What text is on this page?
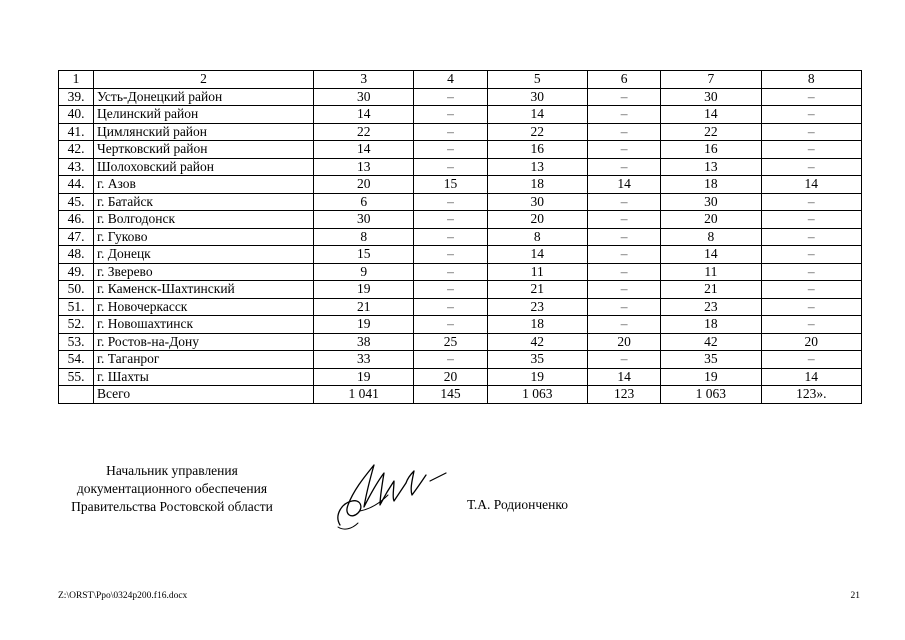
1	2	3	4	5	6	7	8
39.	Усть-Донецкий район	30	–	30	–	30	–
40.	Целинский район	14	–	14	–	14	–
41.	Цимлянский район	22	–	22	–	22	–
42.	Чертковский район	14	–	16	–	16	–
43.	Шолоховский район	13	–	13	–	13	–
44.	г. Азов	20	15	18	14	18	14
45.	г. Батайск	6	–	30	–	30	–
46.	г. Волгодонск	30	–	20	–	20	–
47.	г. Гуково	8	–	8	–	8	–
48.	г. Донецк	15	–	14	–	14	–
49.	г. Зверево	9	–	11	–	11	–
50.	г. Каменск-Шахтинский	19	–	21	–	21	–
51.	г. Новочеркасск	21	–	23	–	23	–
52.	г. Новошахтинск	19	–	18	–	18	–
53.	г. Ростов-на-Дону	38	25	42	20	42	20
54.	г. Таганрог	33	–	35	–	35	–
55.	г. Шахты	19	20	19	14	19	14
	Всего	1 041	145	1 063	123	1 063	123».
Начальник управления
документационного обеспечения
Правительства Ростовской области	Т.А. Родионченко
Z:\ORST\Ppo\0324p200.f16.docx	21
